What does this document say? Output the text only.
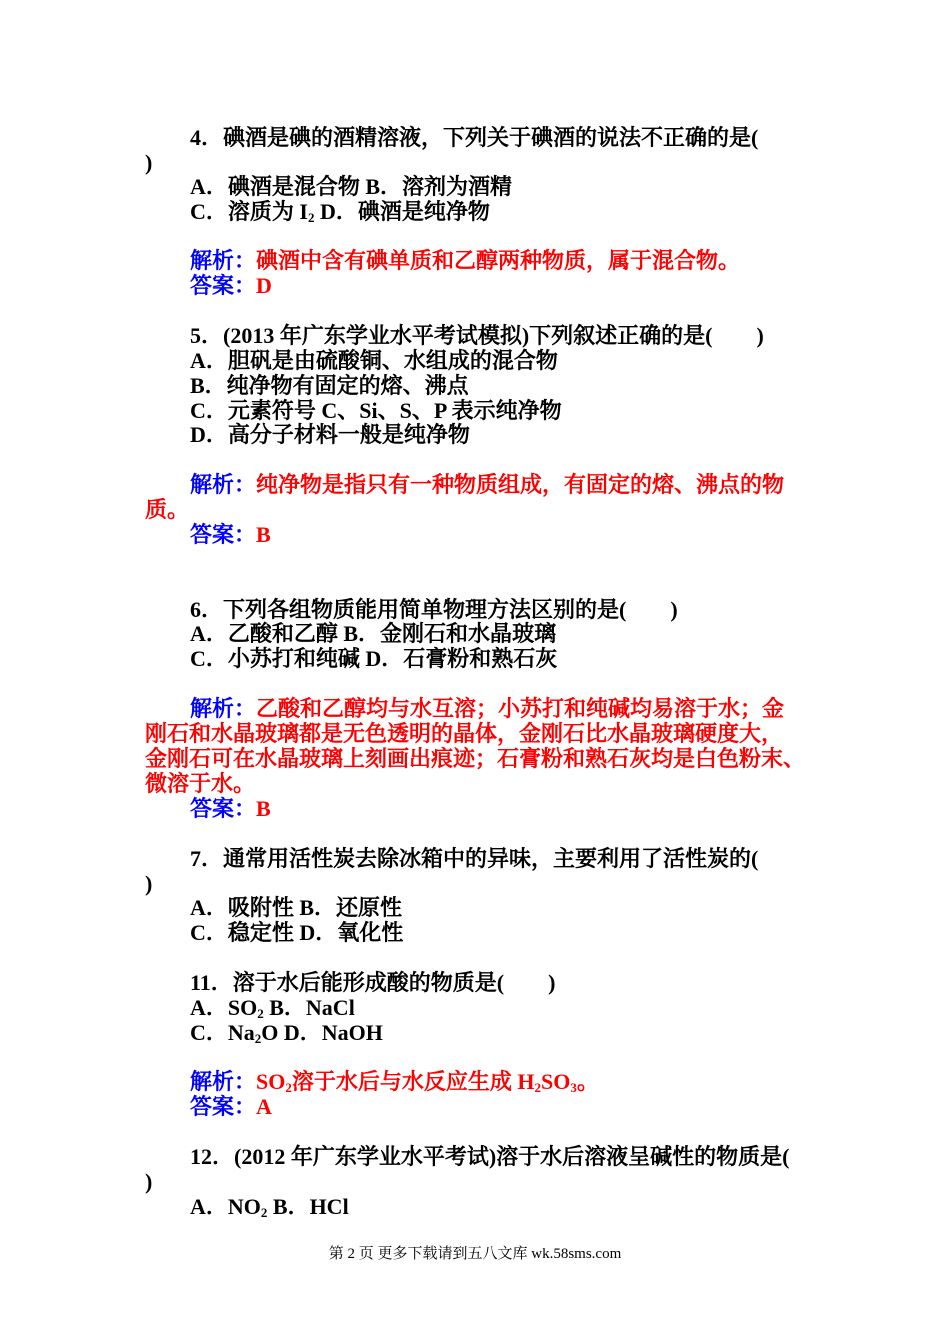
4．碘酒是碘的酒精溶液，下列关于碘酒的说法不正确的是(
)
A．碘酒是混合物 B．溶剂为酒精
C．溶质为 $I_2$ D．碘酒是纯净物
解析：碘酒中含有碘单质和乙醇两种物质，属于混合物。
答案：D
5．(2013 年广东学业水平考试模拟)下列叙述正确的是(　　)
A．胆矾是由硫酸铜、水组成的混合物
B．纯净物有固定的熔、沸点
C．元素符号 C、Si、S、P 表示纯净物
D．高分子材料一般是纯净物
解析：纯净物是指只有一种物质组成，有固定的熔、沸点的物
质。
答案：B
6．下列各组物质能用简单物理方法区别的是(　　)
A．乙酸和乙醇 B．金刚石和水晶玻璃
C．小苏打和纯碱 D．石膏粉和熟石灰
解析：乙酸和乙醇均与水互溶；小苏打和纯碱均易溶于水；金
刚石和水晶玻璃都是无色透明的晶体，金刚石比水晶玻璃硬度大，
金刚石可在水晶玻璃上刻画出痕迹；石膏粉和熟石灰均是白色粉末、
微溶于水。
答案：B
7．通常用活性炭去除冰箱中的异味，主要利用了活性炭的(
)
A．吸附性 B．还原性
C．稳定性 D．氧化性
11．溶于水后能形成酸的物质是(　　)
A．$SO_2$ B．NaCl
C．$Na_2O$ D．NaOH
解析：$SO_2$溶于水后与水反应生成 $H_2SO_3$。
答案：A
12．(2012 年广东学业水平考试)溶于水后溶液呈碱性的物质是(
)
A．$NO_2$ B．HCl
第 2 页 更多下载请到五八文库 wk.58sms.com
